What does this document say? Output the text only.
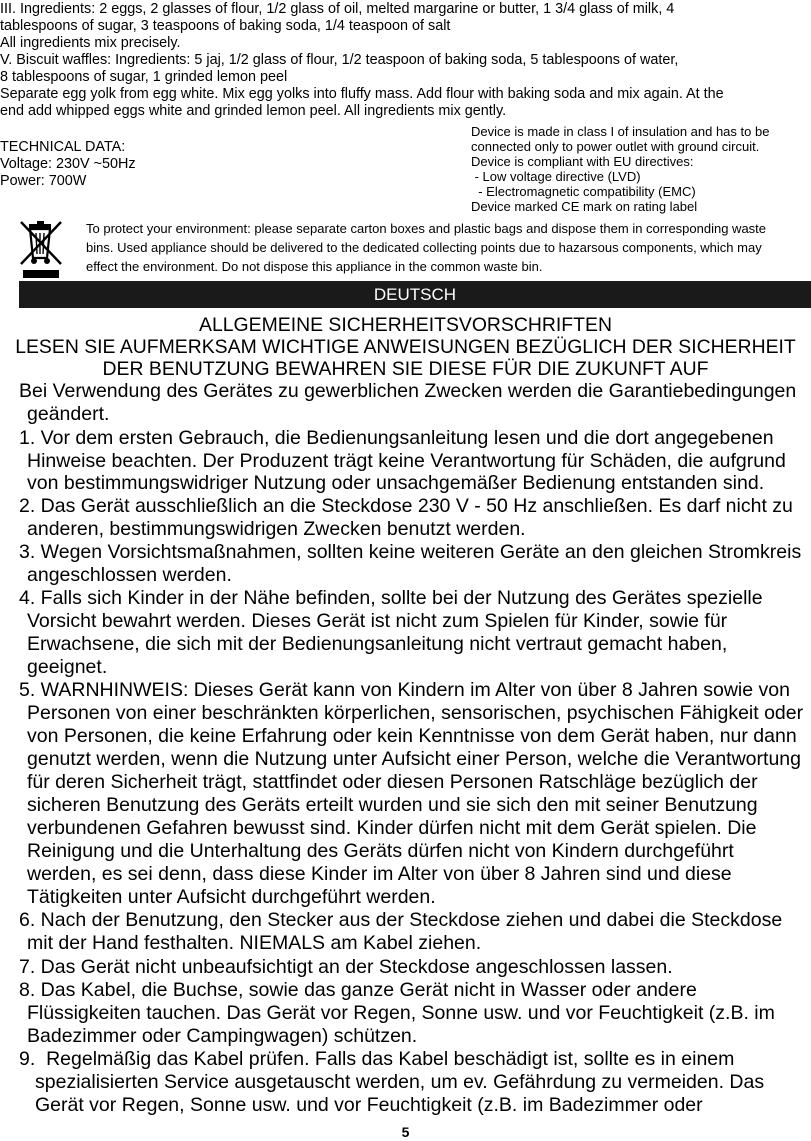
III. Ingredients: 2 eggs, 2 glasses of flour, 1/2 glass of oil, melted margarine or butter, 1 3/4 glass of milk, 4
tablespoons of sugar, 3 teaspoons of baking soda, 1/4 teaspoon of salt
All ingredients mix precisely.
V. Biscuit waffles: Ingredients: 5 jaj, 1/2 glass of flour, 1/2 teaspoon of baking soda, 5 tablespoons of water,
8 tablespoons of sugar, 1 grinded lemon peel
Separate egg yolk from egg white. Mix egg yolks into fluffy mass. Add flour with baking soda and mix again. At the
end add whipped eggs white and grinded lemon peel. All ingredients mix gently.
TECHNICAL DATA:
Voltage: 230V ~50Hz
Power: 700W
Device is made in class I of insulation and has to be
connected only to power outlet with ground circuit.
Device is compliant with EU directives:
- Low voltage directive (LVD)
- Electromagnetic compatibility (EMC)
Device marked CE mark on rating label
To protect your environment: please separate carton boxes and plastic bags and dispose them in corresponding waste
bins. Used appliance should be delivered to the dedicated collecting points due to hazarsous components, which may
effect the environment. Do not dispose this appliance in the common waste bin.
DEUTSCH
ALLGEMEINE SICHERHEITSVORSCHRIFTEN
LESEN SIE AUFMERKSAM WICHTIGE ANWEISUNGEN BEZÜGLICH DER SICHERHEIT
DER BENUTZUNG BEWAHREN SIE DIESE FÜR DIE ZUKUNFT AUF
Bei Verwendung des Gerätes zu gewerblichen Zwecken werden die Garantiebedingungen
geändert.
1. Vor dem ersten Gebrauch, die Bedienungsanleitung lesen und die dort angegebenen
Hinweise beachten. Der Produzent trägt keine Verantwortung für Schäden, die aufgrund
von bestimmungswidriger Nutzung oder unsachgemäßer Bedienung entstanden sind.
2. Das Gerät ausschließlich an die Steckdose 230 V - 50 Hz anschließen. Es darf nicht zu
anderen, bestimmungswidrigen Zwecken benutzt werden.
3. Wegen Vorsichtsmaßnahmen, sollten keine weiteren Geräte an den gleichen Stromkreis
angeschlossen werden.
4. Falls sich Kinder in der Nähe befinden, sollte bei der Nutzung des Gerätes spezielle
Vorsicht bewahrt werden. Dieses Gerät ist nicht zum Spielen für Kinder, sowie für
Erwachsene, die sich mit der Bedienungsanleitung nicht vertraut gemacht haben,
geeignet.
5. WARNHINWEIS: Dieses Gerät kann von Kindern im Alter von über 8 Jahren sowie von
Personen von einer beschränkten körperlichen, sensorischen, psychischen Fähigkeit oder
von Personen, die keine Erfahrung oder kein Kenntnisse von dem Gerät haben, nur dann
genutzt werden, wenn die Nutzung unter Aufsicht einer Person, welche die Verantwortung
für deren Sicherheit trägt, stattfindet oder diesen Personen Ratschläge bezüglich der
sicheren Benutzung des Geräts erteilt wurden und sie sich den mit seiner Benutzung
verbundenen Gefahren bewusst sind. Kinder dürfen nicht mit dem Gerät spielen. Die
Reinigung und die Unterhaltung des Geräts dürfen nicht von Kindern durchgeführt
werden, es sei denn, dass diese Kinder im Alter von über 8 Jahren sind und diese
Tätigkeiten unter Aufsicht durchgeführt werden.
6. Nach der Benutzung, den Stecker aus der Steckdose ziehen und dabei die Steckdose
mit der Hand festhalten. NIEMALS am Kabel ziehen.
7. Das Gerät nicht unbeaufsichtigt an der Steckdose angeschlossen lassen.
8. Das Kabel, die Buchse, sowie das ganze Gerät nicht in Wasser oder andere
Flüssigkeiten tauchen. Das Gerät vor Regen, Sonne usw. und vor Feuchtigkeit (z.B. im
Badezimmer oder Campingwagen) schützen.
9.  Regelmäßig das Kabel prüfen. Falls das Kabel beschädigt ist, sollte es in einem
spezialisierten Service ausgetauscht werden, um ev. Gefährdung zu vermeiden. Das
Gerät vor Regen, Sonne usw. und vor Feuchtigkeit (z.B. im Badezimmer oder
5
